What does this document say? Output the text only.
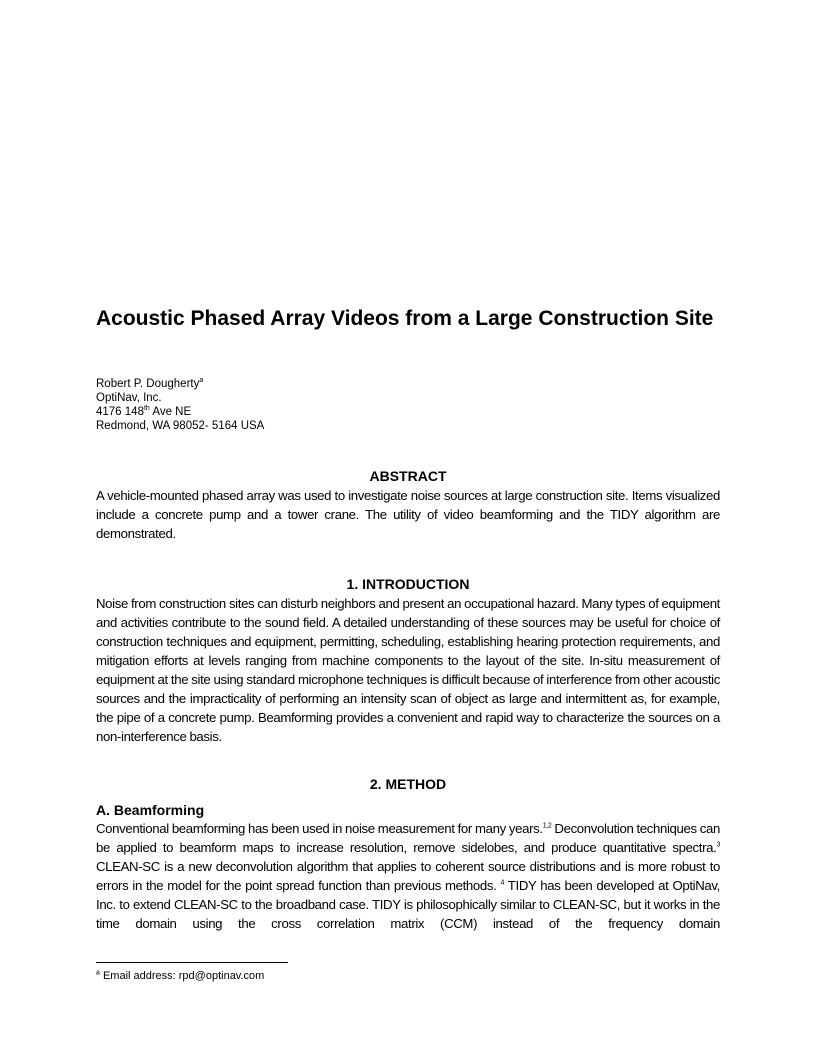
Acoustic Phased Array Videos from a Large Construction Site
Robert P. Dougherty$^a$
OptiNav, Inc.
4176 148th Ave NE
Redmond, WA 98052- 5164 USA
ABSTRACT

A vehicle-mounted phased array was used to investigate noise sources at large construction site. Items visualized include a concrete pump and a tower crane. The utility of video beamforming and the TIDY algorithm are demonstrated.

1. INTRODUCTION

Noise from construction sites can disturb neighbors and present an occupational hazard. Many types of equipment and activities contribute to the sound field. A detailed understanding of these sources may be useful for choice of construction techniques and equipment, permitting, scheduling, establishing hearing protection requirements, and mitigation efforts at levels ranging from machine components to the layout of the site. In-situ measurement of equipment at the site using standard microphone techniques is difficult because of interference from other acoustic sources and the impracticality of performing an intensity scan of object as large and intermittent as, for example, the pipe of a concrete pump. Beamforming provides a convenient and rapid way to characterize the sources on a non-interference basis.

2. METHOD
A. Beamforming

Conventional beamforming has been used in noise measurement for many years.$^{1,2}$ Deconvolution techniques can be applied to beamform maps to increase resolution, remove sidelobes, and produce quantitative spectra.$^3$ CLEAN-SC is a new deconvolution algorithm that applies to coherent source distributions and is more robust to errors in the model for the point spread function than previous methods. $^4$ TIDY has been developed at OptiNav, Inc. to extend CLEAN-SC to the broadband case. TIDY is philosophically similar to CLEAN-SC, but it works in the time domain using the cross correlation matrix (CCM) instead of the frequency domain

$^a$ Email address: rpd@optinav.com
